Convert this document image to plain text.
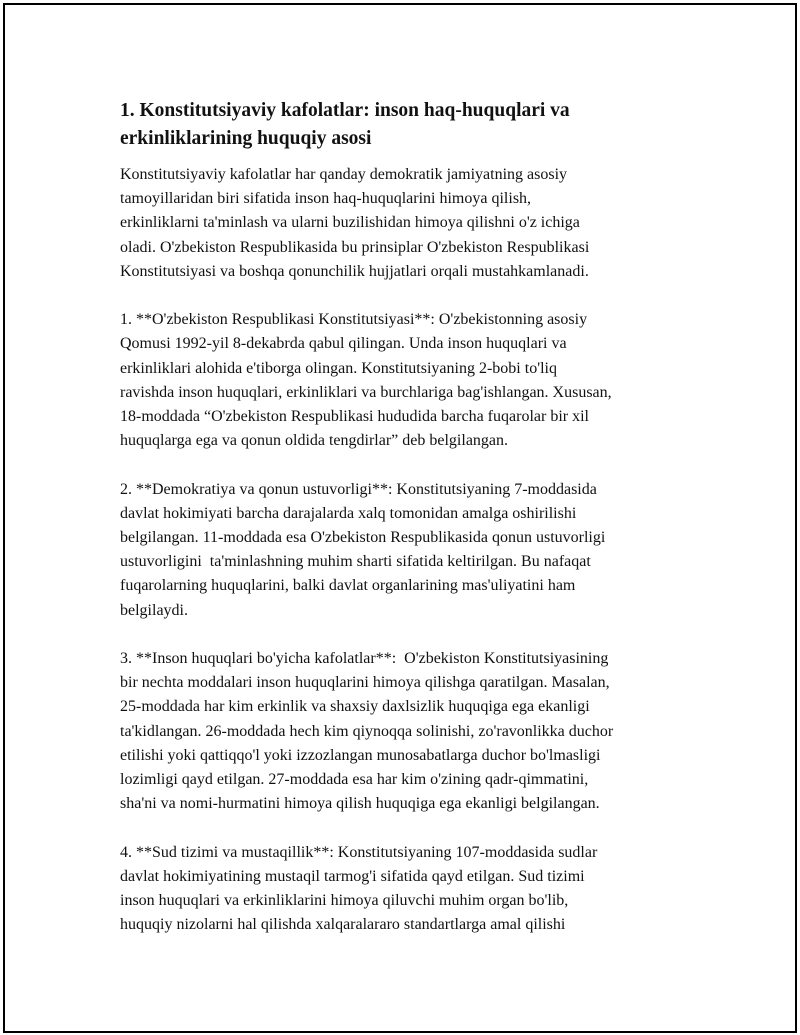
1. Konstitutsiyaviy kafolatlar: inson haq-huquqlari va
erkinliklarining huquqiy asosi

Konstitutsiyaviy kafolatlar har qanday demokratik jamiyatning asosiy
tamoyillaridan biri sifatida inson haq-huquqlarini himoya qilish,
erkinliklarni ta'minlash va ularni buzilishidan himoya qilishni o'z ichiga
oladi. O'zbekiston Respublikasida bu prinsiplar O'zbekiston Respublikasi
Konstitutsiyasi va boshqa qonunchilik hujjatlari orqali mustahkamlanadi.

1. **O'zbekiston Respublikasi Konstitutsiyasi**: O'zbekistonning asosiy
Qomusi 1992-yil 8-dekabrda qabul qilingan. Unda inson huquqlari va
erkinliklari alohida e'tiborga olingan. Konstitutsiyaning 2-bobi to'liq
ravishda inson huquqlari, erkinliklari va burchlariga bag'ishlangan. Xususan,
18-moddada “O'zbekiston Respublikasi hududida barcha fuqarolar bir xil
huquqlarga ega va qonun oldida tengdirlar” deb belgilangan.

2. **Demokratiya va qonun ustuvorligi**: Konstitutsiyaning 7-moddasida
davlat hokimiyati barcha darajalarda xalq tomonidan amalga oshirilishi
belgilangan. 11-moddada esa O'zbekiston Respublikasida qonun ustuvorligi
ustuvorligini  ta'minlashning muhim sharti sifatida keltirilgan. Bu nafaqat
fuqarolarning huquqlarini, balki davlat organlarining mas'uliyatini ham
belgilaydi.

3. **Inson huquqlari bo'yicha kafolatlar**:  O'zbekiston Konstitutsiyasining
bir nechta moddalari inson huquqlarini himoya qilishga qaratilgan. Masalan,
25-moddada har kim erkinlik va shaxsiy daxlsizlik huquqiga ega ekanligi
ta'kidlangan. 26-moddada hech kim qiynoqqa solinishi, zo'ravonlikka duchor
etilishi yoki qattiqqo'l yoki izzozlangan munosabatlarga duchor bo'lmasligi
lozimligi qayd etilgan. 27-moddada esa har kim o'zining qadr-qimmatini,
sha'ni va nomi-hurmatini himoya qilish huquqiga ega ekanligi belgilangan.

4. **Sud tizimi va mustaqillik**: Konstitutsiyaning 107-moddasida sudlar
davlat hokimiyatining mustaqil tarmog'i sifatida qayd etilgan. Sud tizimi
inson huquqlari va erkinliklarini himoya qiluvchi muhim organ bo'lib,
huquqiy nizolarni hal qilishda xalqaralararo standartlarga amal qilishi
